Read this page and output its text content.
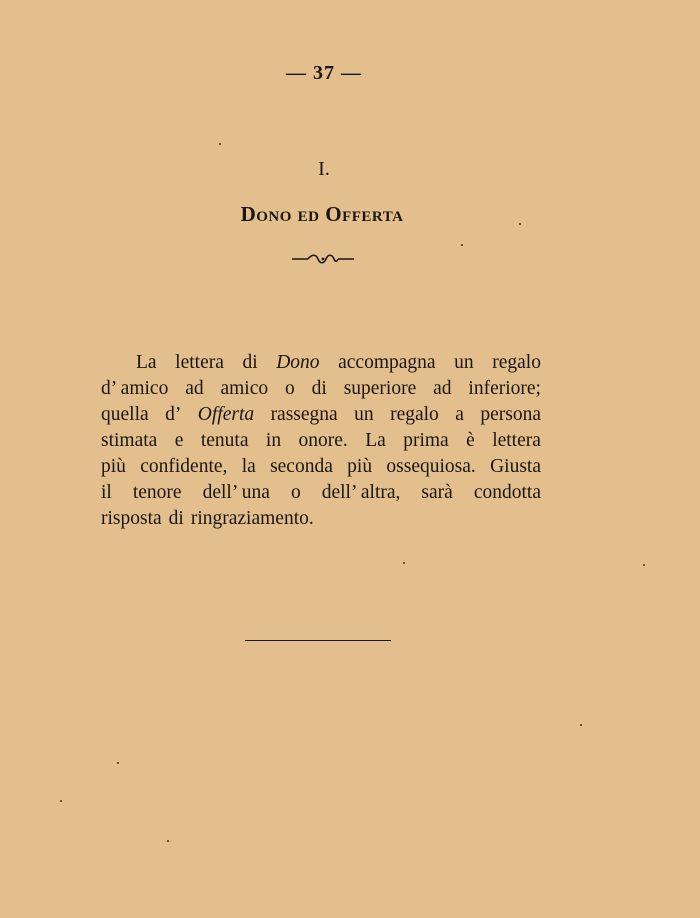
— 37 —
I.
Dono ed Offerta
La lettera di Dono accompagna un regalo
d’ amico ad amico o di superiore ad inferiore;
quella d’ Offerta rassegna un regalo a persona
stimata e tenuta in onore. La prima è lettera
più confidente, la seconda più ossequiosa. Giusta
il tenore dell’ una o dell’ altra, sarà condotta
risposta di ringraziamento.
